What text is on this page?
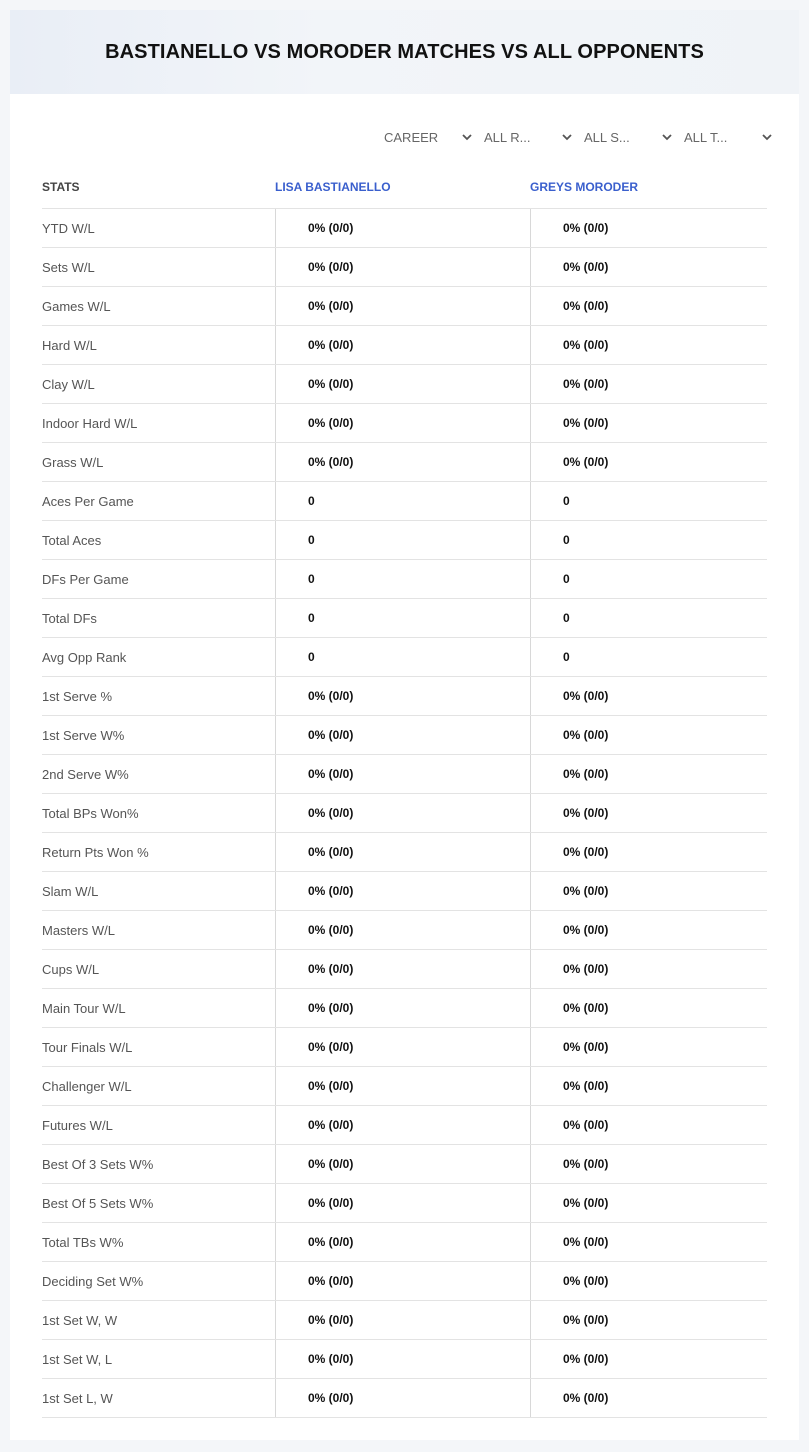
BASTIANELLO VS MORODER MATCHES VS ALL OPPONENTS
CAREER	ALL R...	ALL S...	ALL T...
STATS	LISA BASTIANELLO	GREYS MORODER
YTD W/L	0% (0/0)	0% (0/0)
Sets W/L	0% (0/0)	0% (0/0)
Games W/L	0% (0/0)	0% (0/0)
Hard W/L	0% (0/0)	0% (0/0)
Clay W/L	0% (0/0)	0% (0/0)
Indoor Hard W/L	0% (0/0)	0% (0/0)
Grass W/L	0% (0/0)	0% (0/0)
Aces Per Game	0	0
Total Aces	0	0
DFs Per Game	0	0
Total DFs	0	0
Avg Opp Rank	0	0
1st Serve %	0% (0/0)	0% (0/0)
1st Serve W%	0% (0/0)	0% (0/0)
2nd Serve W%	0% (0/0)	0% (0/0)
Total BPs Won%	0% (0/0)	0% (0/0)
Return Pts Won %	0% (0/0)	0% (0/0)
Slam W/L	0% (0/0)	0% (0/0)
Masters W/L	0% (0/0)	0% (0/0)
Cups W/L	0% (0/0)	0% (0/0)
Main Tour W/L	0% (0/0)	0% (0/0)
Tour Finals W/L	0% (0/0)	0% (0/0)
Challenger W/L	0% (0/0)	0% (0/0)
Futures W/L	0% (0/0)	0% (0/0)
Best Of 3 Sets W%	0% (0/0)	0% (0/0)
Best Of 5 Sets W%	0% (0/0)	0% (0/0)
Total TBs W%	0% (0/0)	0% (0/0)
Deciding Set W%	0% (0/0)	0% (0/0)
1st Set W, W	0% (0/0)	0% (0/0)
1st Set W, L	0% (0/0)	0% (0/0)
1st Set L, W	0% (0/0)	0% (0/0)
